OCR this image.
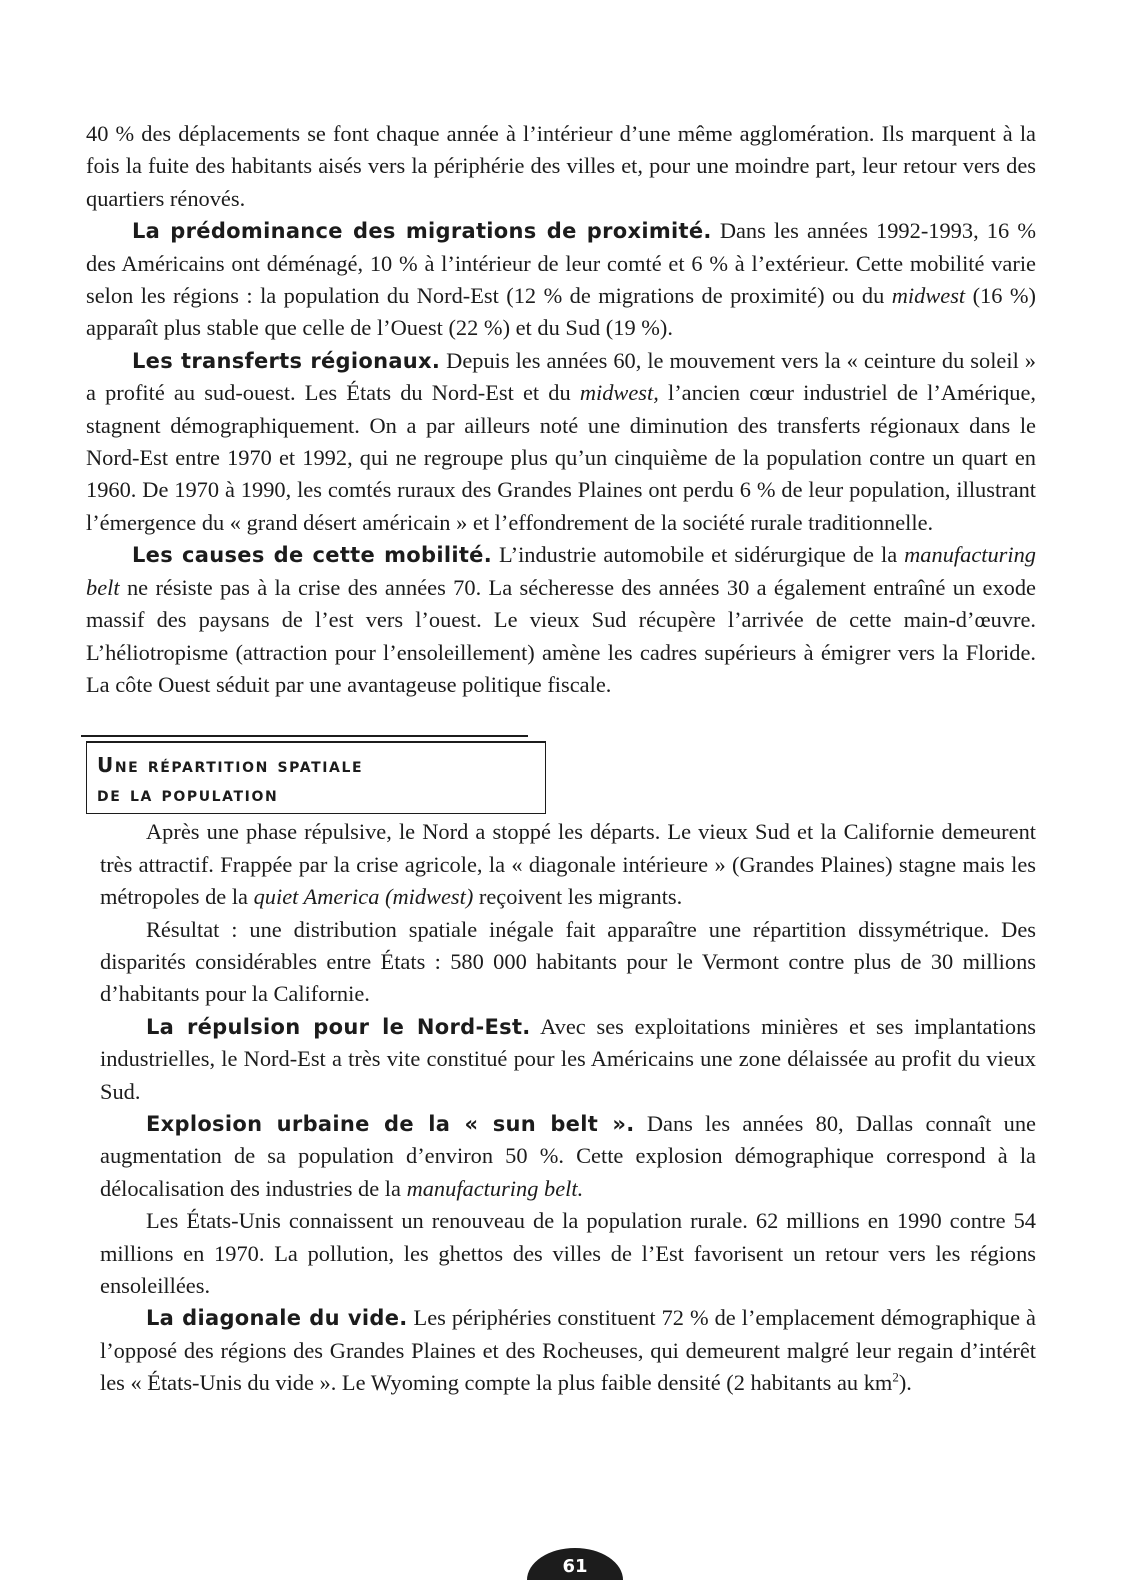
40 % des déplacements se font chaque année à l’intérieur d’une même agglomération. Ils marquent à la fois la fuite des habitants aisés vers la périphérie des villes et, pour une moindre part, leur retour vers des quartiers rénovés.

La prédominance des migrations de proximité. Dans les années 1992-1993, 16 % des Américains ont déménagé, 10 % à l’intérieur de leur comté et 6 % à l’extérieur. Cette mobilité varie selon les régions : la population du Nord-Est (12 % de migrations de proximité) ou du midwest (16 %) apparaît plus stable que celle de l’Ouest (22 %) et du Sud (19 %).

Les transferts régionaux. Depuis les années 60, le mouvement vers la « ceinture du soleil » a profité au sud-ouest. Les États du Nord-Est et du midwest, l’ancien cœur industriel de l’Amérique, stagnent démographiquement. On a par ailleurs noté une diminution des transferts régionaux dans le Nord-Est entre 1970 et 1992, qui ne regroupe plus qu’un cinquième de la population contre un quart en 1960. De 1970 à 1990, les comtés ruraux des Grandes Plaines ont perdu 6 % de leur population, illustrant l’émergence du « grand désert américain » et l’effondrement de la société rurale traditionnelle.

Les causes de cette mobilité. L’industrie automobile et sidérurgique de la manufacturing belt ne résiste pas à la crise des années 70. La sécheresse des années 30 a également entraîné un exode massif des paysans de l’est vers l’ouest. Le vieux Sud récupère l’arrivée de cette main-d’œuvre. L’héliotropisme (attraction pour l’ensoleillement) amène les cadres supérieurs à émigrer vers la Floride. La côte Ouest séduit par une avantageuse politique fiscale.

Une répartition spatiale
de la population

Après une phase répulsive, le Nord a stoppé les départs. Le vieux Sud et la Californie demeurent très attractif. Frappée par la crise agricole, la « diagonale intérieure » (Grandes Plaines) stagne mais les métropoles de la quiet America (midwest) reçoivent les migrants.

Résultat : une distribution spatiale inégale fait apparaître une répartition dissymétrique. Des disparités considérables entre États : 580 000 habitants pour le Vermont contre plus de 30 millions d’habitants pour la Californie.

La répulsion pour le Nord-Est. Avec ses exploitations minières et ses implantations industrielles, le Nord-Est a très vite constitué pour les Américains une zone délaissée au profit du vieux Sud.

Explosion urbaine de la « sun belt ». Dans les années 80, Dallas connaît une augmentation de sa population d’environ 50 %. Cette explosion démographique correspond à la délocalisation des industries de la manufacturing belt.

Les États-Unis connaissent un renouveau de la population rurale. 62 millions en 1990 contre 54 millions en 1970. La pollution, les ghettos des villes de l’Est favorisent un retour vers les régions ensoleillées.

La diagonale du vide. Les périphéries constituent 72 % de l’emplacement démographique à l’opposé des régions des Grandes Plaines et des Rocheuses, qui demeurent malgré leur regain d’intérêt les « États-Unis du vide ». Le Wyoming compte la plus faible densité (2 habitants au $km^2$).

61
